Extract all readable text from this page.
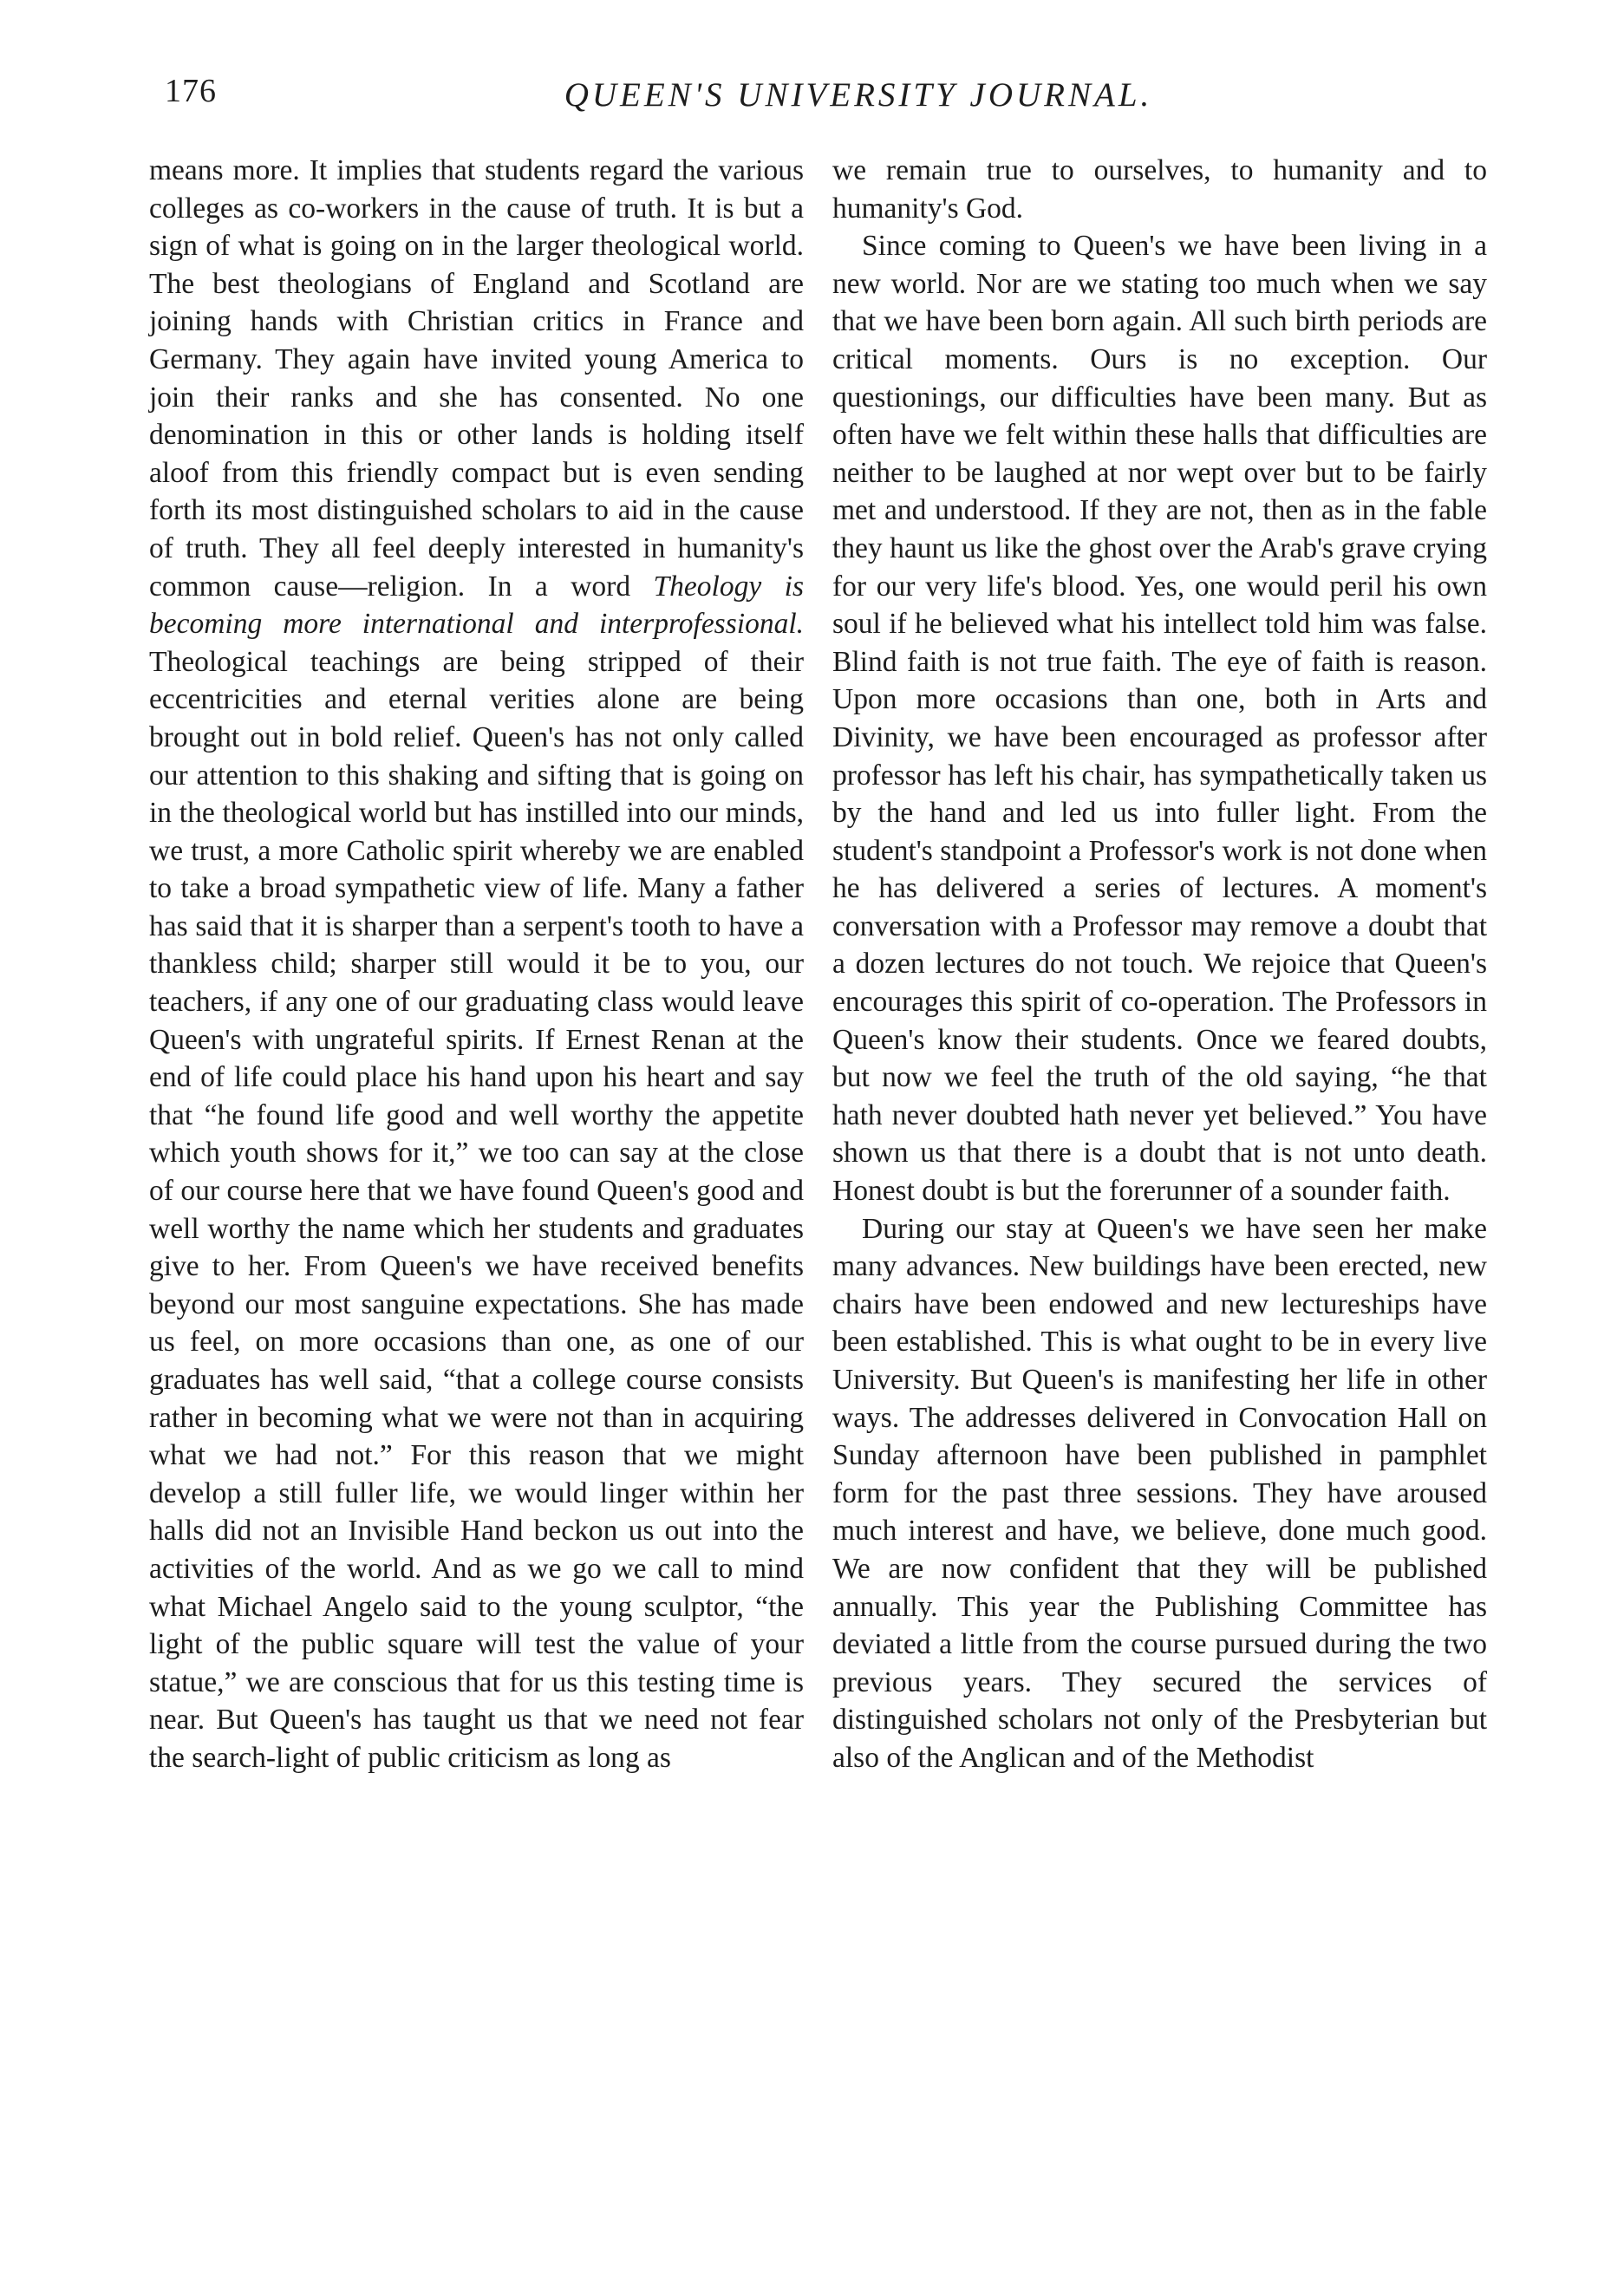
176	QUEEN'S UNIVERSITY JOURNAL.

means more. It implies that students regard the various colleges as co-workers in the cause of truth. It is but a sign of what is going on in the larger theological world. The best theologians of England and Scotland are joining hands with Christian critics in France and Germany. They again have invited young America to join their ranks and she has consented. No one denomination in this or other lands is holding itself aloof from this friendly compact but is even sending forth its most distinguished scholars to aid in the cause of truth. They all feel deeply interested in humanity's common cause—religion. In a word Theology is becoming more international and interprofessional. Theological teachings are being stripped of their eccentricities and eternal verities alone are being brought out in bold relief. Queen's has not only called our attention to this shaking and sifting that is going on in the theological world but has instilled into our minds, we trust, a more Catholic spirit whereby we are enabled to take a broad sympathetic view of life. Many a father has said that it is sharper than a serpent's tooth to have a thankless child; sharper still would it be to you, our teachers, if any one of our graduating class would leave Queen's with ungrateful spirits. If Ernest Renan at the end of life could place his hand upon his heart and say that “he found life good and well worthy the appetite which youth shows for it,” we too can say at the close of our course here that we have found Queen's good and well worthy the name which her students and graduates give to her. From Queen's we have received benefits beyond our most sanguine expectations. She has made us feel, on more occasions than one, as one of our graduates has well said, “that a college course consists rather in becoming what we were not than in acquiring what we had not.” For this reason that we might develop a still fuller life, we would linger within her halls did not an Invisible Hand beckon us out into the activities of the world. And as we go we call to mind what Michael Angelo said to the young sculptor, “the light of the public square will test the value of your statue,” we are conscious that for us this testing time is near. But Queen's has taught us that we need not fear the search-light of public criticism as long as

we remain true to ourselves, to humanity and to humanity's God.

Since coming to Queen's we have been living in a new world. Nor are we stating too much when we say that we have been born again. All such birth periods are critical moments. Ours is no exception. Our questionings, our difficulties have been many. But as often have we felt within these halls that difficulties are neither to be laughed at nor wept over but to be fairly met and understood. If they are not, then as in the fable they haunt us like the ghost over the Arab's grave crying for our very life's blood. Yes, one would peril his own soul if he believed what his intellect told him was false. Blind faith is not true faith. The eye of faith is reason. Upon more occasions than one, both in Arts and Divinity, we have been encouraged as professor after professor has left his chair, has sympathetically taken us by the hand and led us into fuller light. From the student's standpoint a Professor's work is not done when he has delivered a series of lectures. A moment's conversation with a Professor may remove a doubt that a dozen lectures do not touch. We rejoice that Queen's encourages this spirit of co-operation. The Professors in Queen's know their students. Once we feared doubts, but now we feel the truth of the old saying, “he that hath never doubted hath never yet believed.” You have shown us that there is a doubt that is not unto death. Honest doubt is but the forerunner of a sounder faith.

During our stay at Queen's we have seen her make many advances. New buildings have been erected, new chairs have been endowed and new lectureships have been established. This is what ought to be in every live University. But Queen's is manifesting her life in other ways. The addresses delivered in Convocation Hall on Sunday afternoon have been published in pamphlet form for the past three sessions. They have aroused much interest and have, we believe, done much good. We are now confident that they will be published annually. This year the Publishing Committee has deviated a little from the course pursued during the two previous years. They secured the services of distinguished scholars not only of the Presbyterian but also of the Anglican and of the Methodist
